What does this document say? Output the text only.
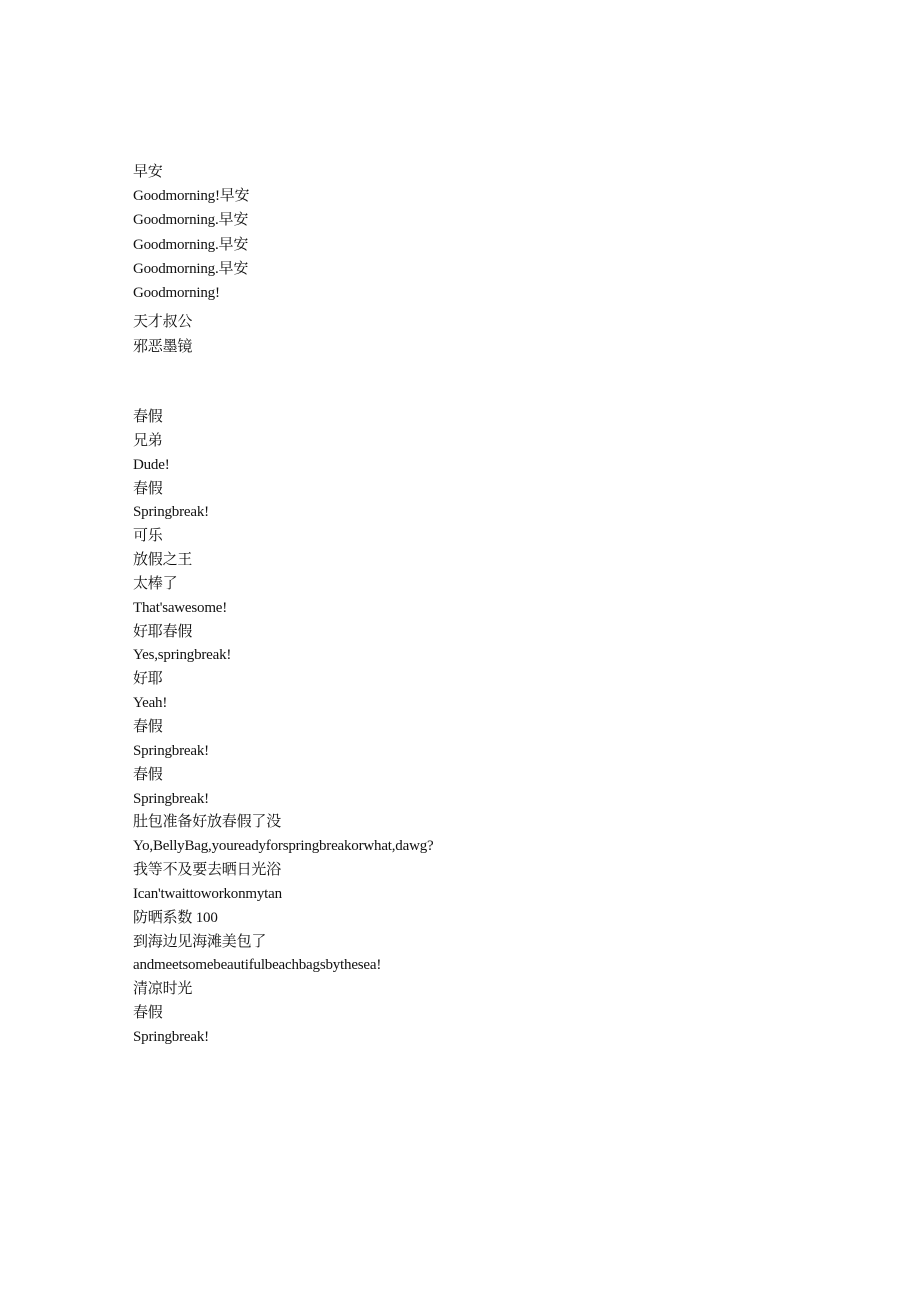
早安
Goodmorning!早安
Goodmorning.早安
Goodmorning.早安
Goodmorning.早安
Goodmorning!
天才叔公
邪恶墨镜
春假
兄弟
Dude!
春假
Springbreak!
可乐
放假之王
太棒了
That'sawesome!
好耶春假
Yes,springbreak!
好耶
Yeah!
春假
Springbreak!
春假
Springbreak!
肚包准备好放春假了没
Yo,BellyBag,youreadyforspringbreakorwhat,dawg?
我等不及要去晒日光浴
Ican'twaittoworkonmytan
防晒系数 100
到海边见海滩美包了
andmeetsomebeautifulbeachbagsbythesea!
清凉时光
春假
Springbreak!
